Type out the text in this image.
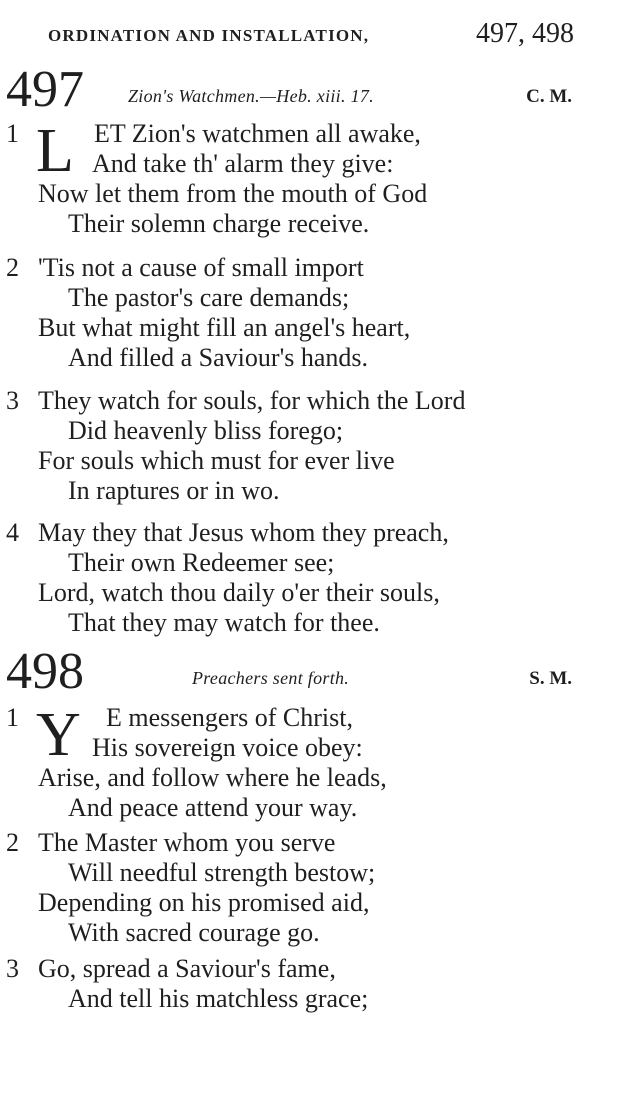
ORDINATION AND INSTALLATION,	497, 498
497 Zion's Watchmen.—Heb. xiii. 17.	C. M.
1 L ET Zion's watchmen all awake,
And take th' alarm they give:
Now let them from the mouth of God
Their solemn charge receive.
2 'Tis not a cause of small import
The pastor's care demands;
But what might fill an angel's heart,
And filled a Saviour's hands.
3 They watch for souls, for which the Lord
Did heavenly bliss forego;
For souls which must for ever live
In raptures or in wo.
4 May they that Jesus whom they preach,
Their own Redeemer see;
Lord, watch thou daily o'er their souls,
That they may watch for thee.
498	Preachers sent forth.	S. M.
1 Y E messengers of Christ,
His sovereign voice obey:
Arise, and follow where he leads,
And peace attend your way.
2 The Master whom you serve
Will needful strength bestow;
Depending on his promised aid,
With sacred courage go.
3 Go, spread a Saviour's fame,
And tell his matchless grace;
